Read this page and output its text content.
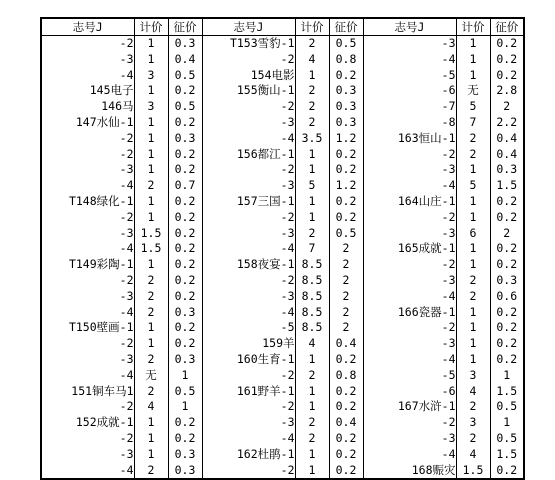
志号J	计价	征价	志号J	计价	征价	志号J	计价	征价
-2	1	0.3	T153雪豹-1	2	0.5	-3	1	0.2
-3	1	0.4	-2	4	0.8	-4	1	0.2
-4	3	0.5	154电影	1	0.2	-5	1	0.2
145电子	1	0.2	155衡山-1	2	0.3	-6	无	2.8
146马	3	0.5	-2	2	0.3	-7	5	2
147水仙-1	1	0.2	-3	2	0.3	-8	7	2.2
-2	1	0.3	-4	3.5	1.2	163恒山-1	2	0.4
-2	1	0.2	156都江-1	1	0.2	-2	2	0.4
-3	1	0.2	-2	1	0.2	-3	1	0.3
-4	2	0.7	-3	5	1.2	-4	5	1.5
T148绿化-1	1	0.2	157三国-1	1	0.2	164山庄-1	1	0.2
-2	1	0.2	-2	1	0.2	-2	1	0.2
-3	1.5	0.2	-3	2	0.5	-3	6	2
-4	1.5	0.2	-4	7	2	165成就-1	1	0.2
T149彩陶-1	1	0.2	158夜宴-1	8.5	2	-2	1	0.2
-2	2	0.2	-2	8.5	2	-3	2	0.3
-3	2	0.2	-3	8.5	2	-4	2	0.6
-4	2	0.3	-4	8.5	2	166瓷器-1	1	0.2
T150壁画-1	1	0.2	-5	8.5	2	-2	1	0.2
-2	1	0.2	159羊	4	0.4	-3	1	0.2
-3	2	0.3	160生育-1	1	0.2	-4	1	0.2
-4	无	1	-2	2	0.8	-5	3	1
151铜车马1	2	0.5	161野羊-1	1	0.2	-6	4	1.5
-2	4	1	-2	1	0.2	167水浒-1	2	0.5
152成就-1	1	0.2	-3	2	0.4	-2	3	1
-2	1	0.2	-4	2	0.2	-3	2	0.5
-3	1	0.3	162杜鹃-1	1	0.2	-4	4	1.5
-4	2	0.3	-2	1	0.2	168赈灾	1.5	0.2
